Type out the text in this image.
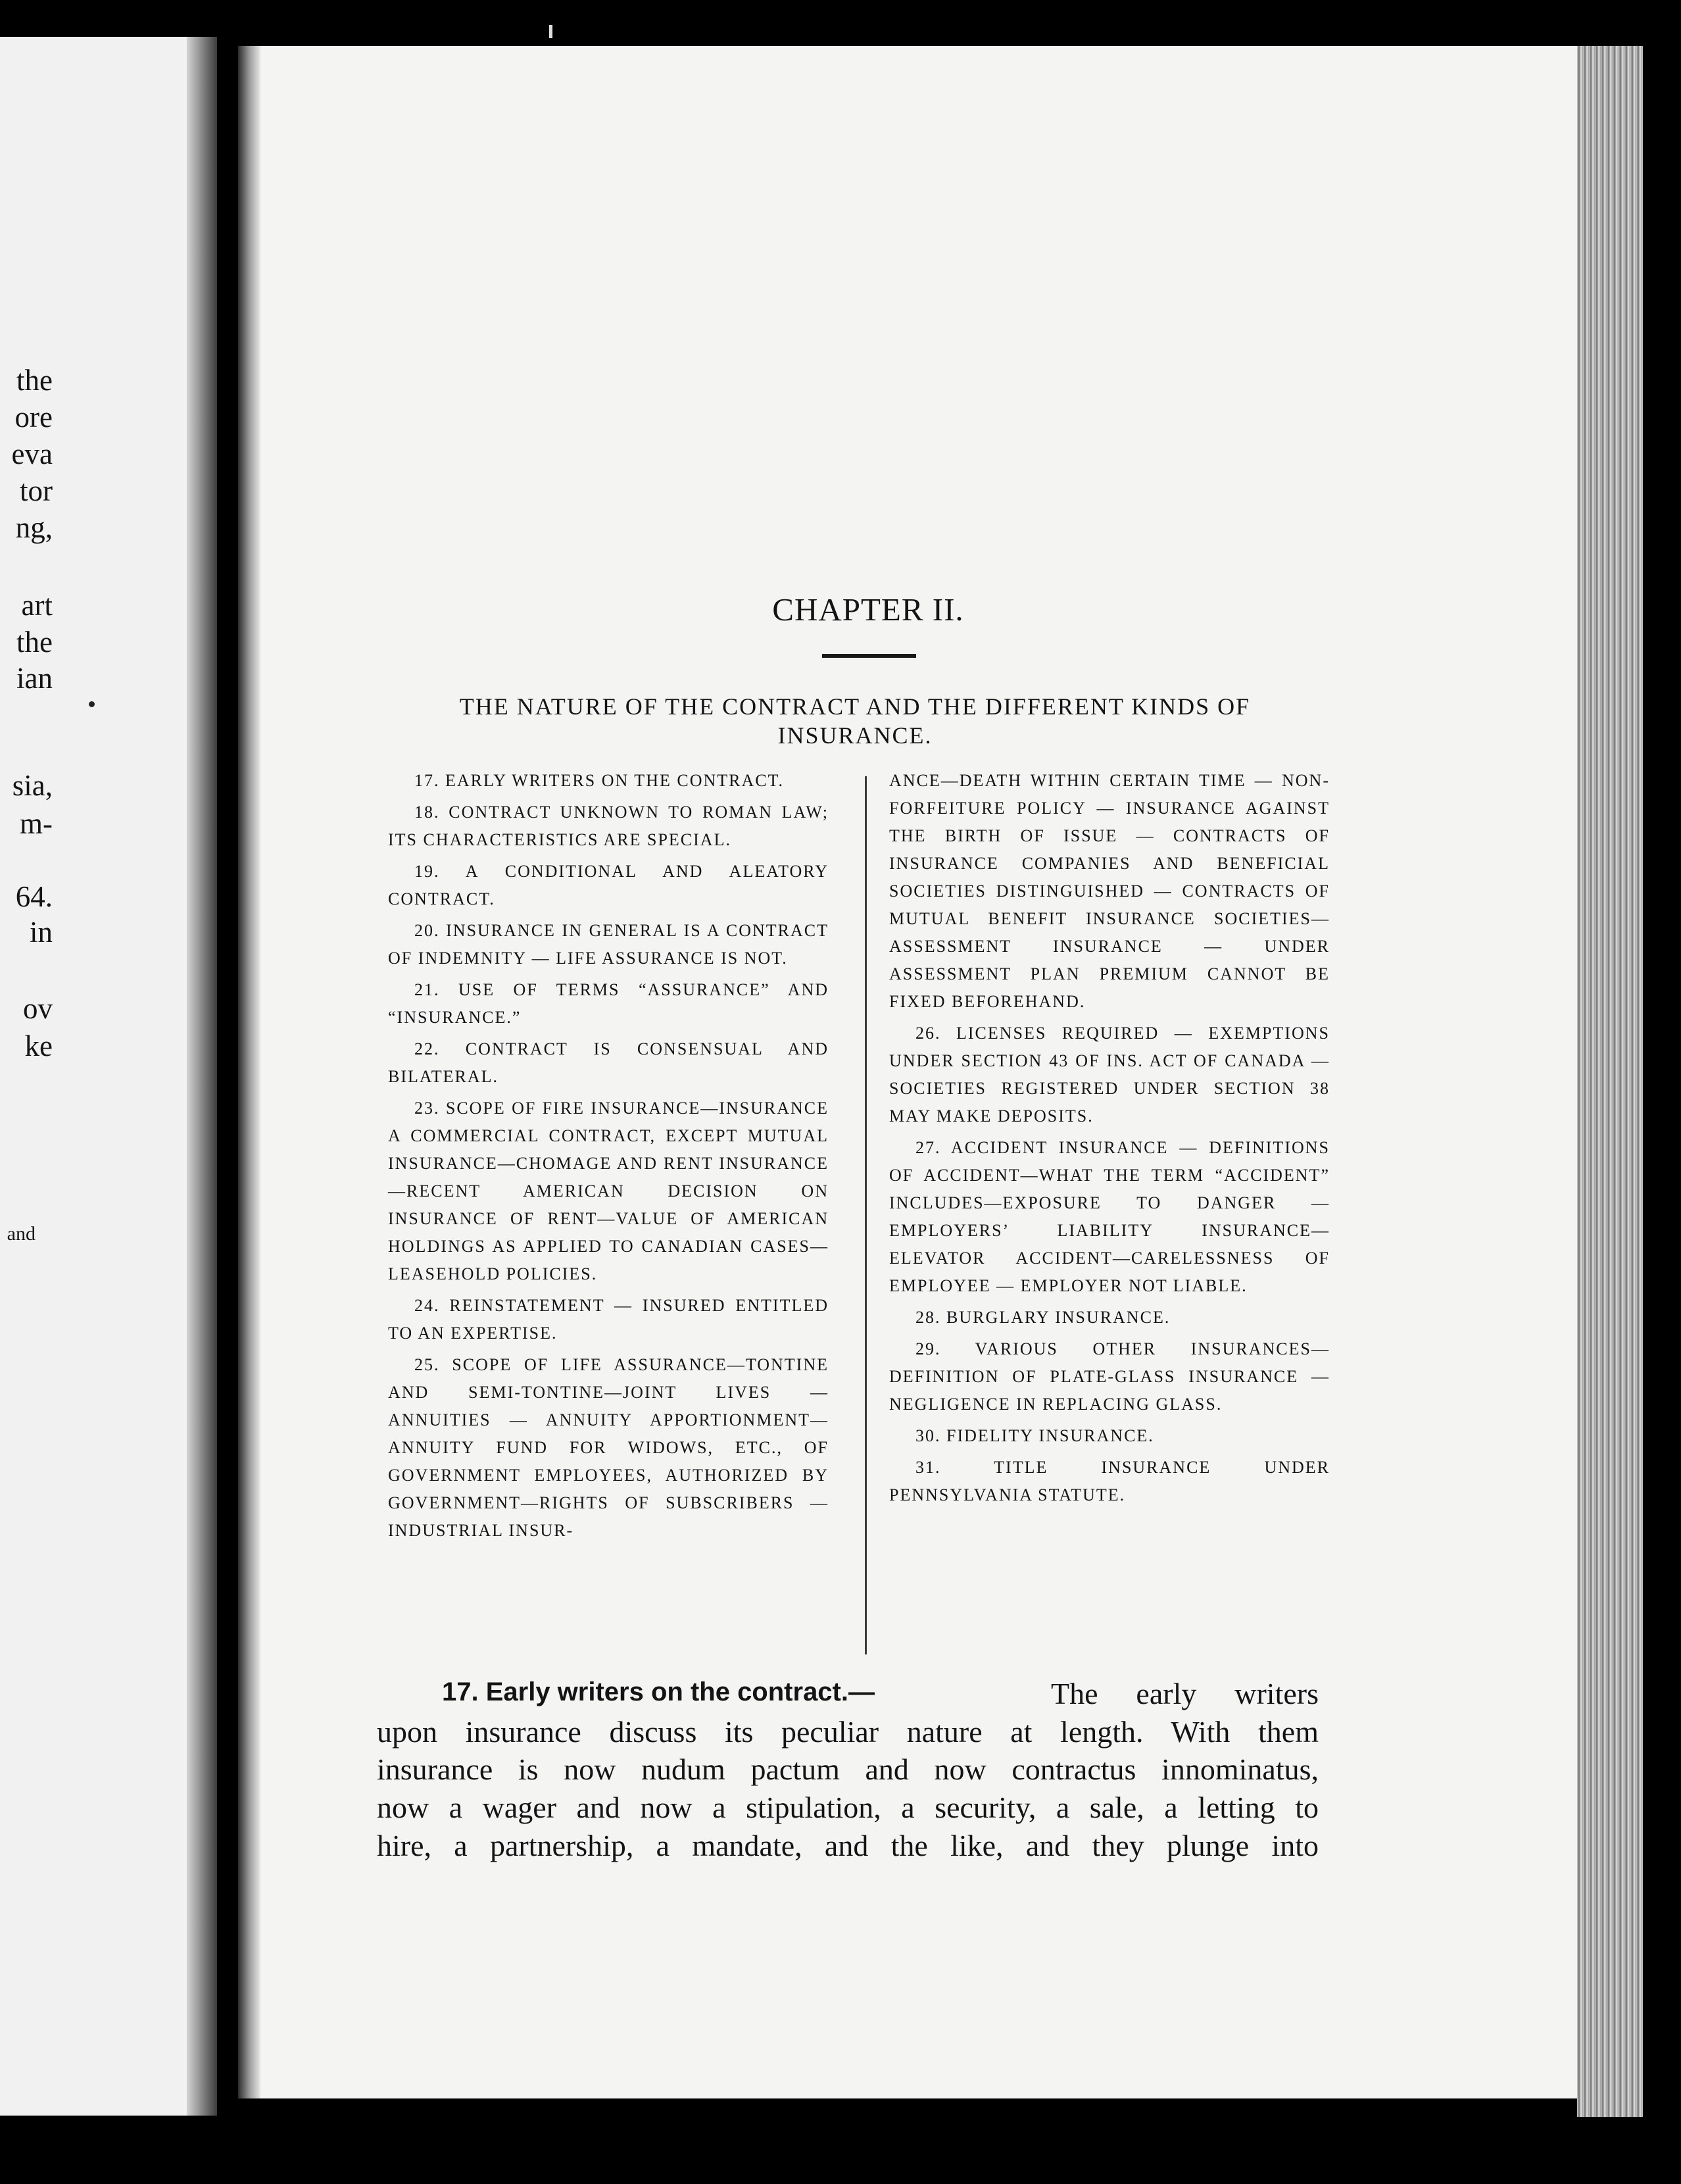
the
ore
eva
tor
ng,
art
the
ian
sia,
m-
64.
in
ov
ke
and
CHAPTER II.
THE NATURE OF THE CONTRACT AND THE DIFFERENT KINDS OF INSURANCE.

17. EARLY WRITERS ON THE CONTRACT.

18. CONTRACT UNKNOWN TO ROMAN LAW; ITS CHARACTERISTICS ARE SPECIAL.

19. A CONDITIONAL AND ALEATORY CONTRACT.

20. INSURANCE IN GENERAL IS A CONTRACT OF INDEMNITY — LIFE ASSURANCE IS NOT.

21. USE OF TERMS “ASSURANCE” AND “INSURANCE.”

22. CONTRACT IS CONSENSUAL AND BILATERAL.

23. SCOPE OF FIRE INSURANCE—INSURANCE A COMMERCIAL CONTRACT, EXCEPT MUTUAL INSURANCE—CHOMAGE AND RENT INSURANCE—RECENT AMERICAN DECISION ON INSURANCE OF RENT—VALUE OF AMERICAN HOLDINGS AS APPLIED TO CANADIAN CASES—LEASEHOLD POLICIES.

24. REINSTATEMENT — INSURED ENTITLED TO AN EXPERTISE.

25. SCOPE OF LIFE ASSURANCE—TONTINE AND SEMI-TONTINE—JOINT LIVES — ANNUITIES — ANNUITY APPORTIONMENT—ANNUITY FUND FOR WIDOWS, ETC., OF GOVERNMENT EMPLOYEES, AUTHORIZED BY GOVERNMENT—RIGHTS OF SUBSCRIBERS — INDUSTRIAL INSUR-

ANCE—DEATH WITHIN CERTAIN TIME — NON-FORFEITURE POLICY — INSURANCE AGAINST THE BIRTH OF ISSUE — CONTRACTS OF INSURANCE COMPANIES AND BENEFICIAL SOCIETIES DISTINGUISHED — CONTRACTS OF MUTUAL BENEFIT INSURANCE SOCIETIES—ASSESSMENT INSURANCE — UNDER ASSESSMENT PLAN PREMIUM CANNOT BE FIXED BEFOREHAND.

26. LICENSES REQUIRED — EXEMPTIONS UNDER SECTION 43 OF INS. ACT OF CANADA — SOCIETIES REGISTERED UNDER SECTION 38 MAY MAKE DEPOSITS.

27. ACCIDENT INSURANCE — DEFINITIONS OF ACCIDENT—WHAT THE TERM “ACCIDENT” INCLUDES—EXPOSURE TO DANGER — EMPLOYERS’ LIABILITY INSURANCE—ELEVATOR ACCIDENT—CARELESSNESS OF EMPLOYEE — EMPLOYER NOT LIABLE.

28. BURGLARY INSURANCE.

29. VARIOUS OTHER INSURANCES—DEFINITION OF PLATE-GLASS INSURANCE — NEGLIGENCE IN REPLACING GLASS.

30. FIDELITY INSURANCE.

31. TITLE INSURANCE UNDER PENNSYLVANIA STATUTE.

17. Early writers on the contract.—	The early writers
upon insurance discuss its peculiar nature at length. With them
insurance is now nudum pactum and now contractus innominatus,
now a wager and now a stipulation, a security, a sale, a letting to
hire, a partnership, a mandate, and the like, and they plunge into
